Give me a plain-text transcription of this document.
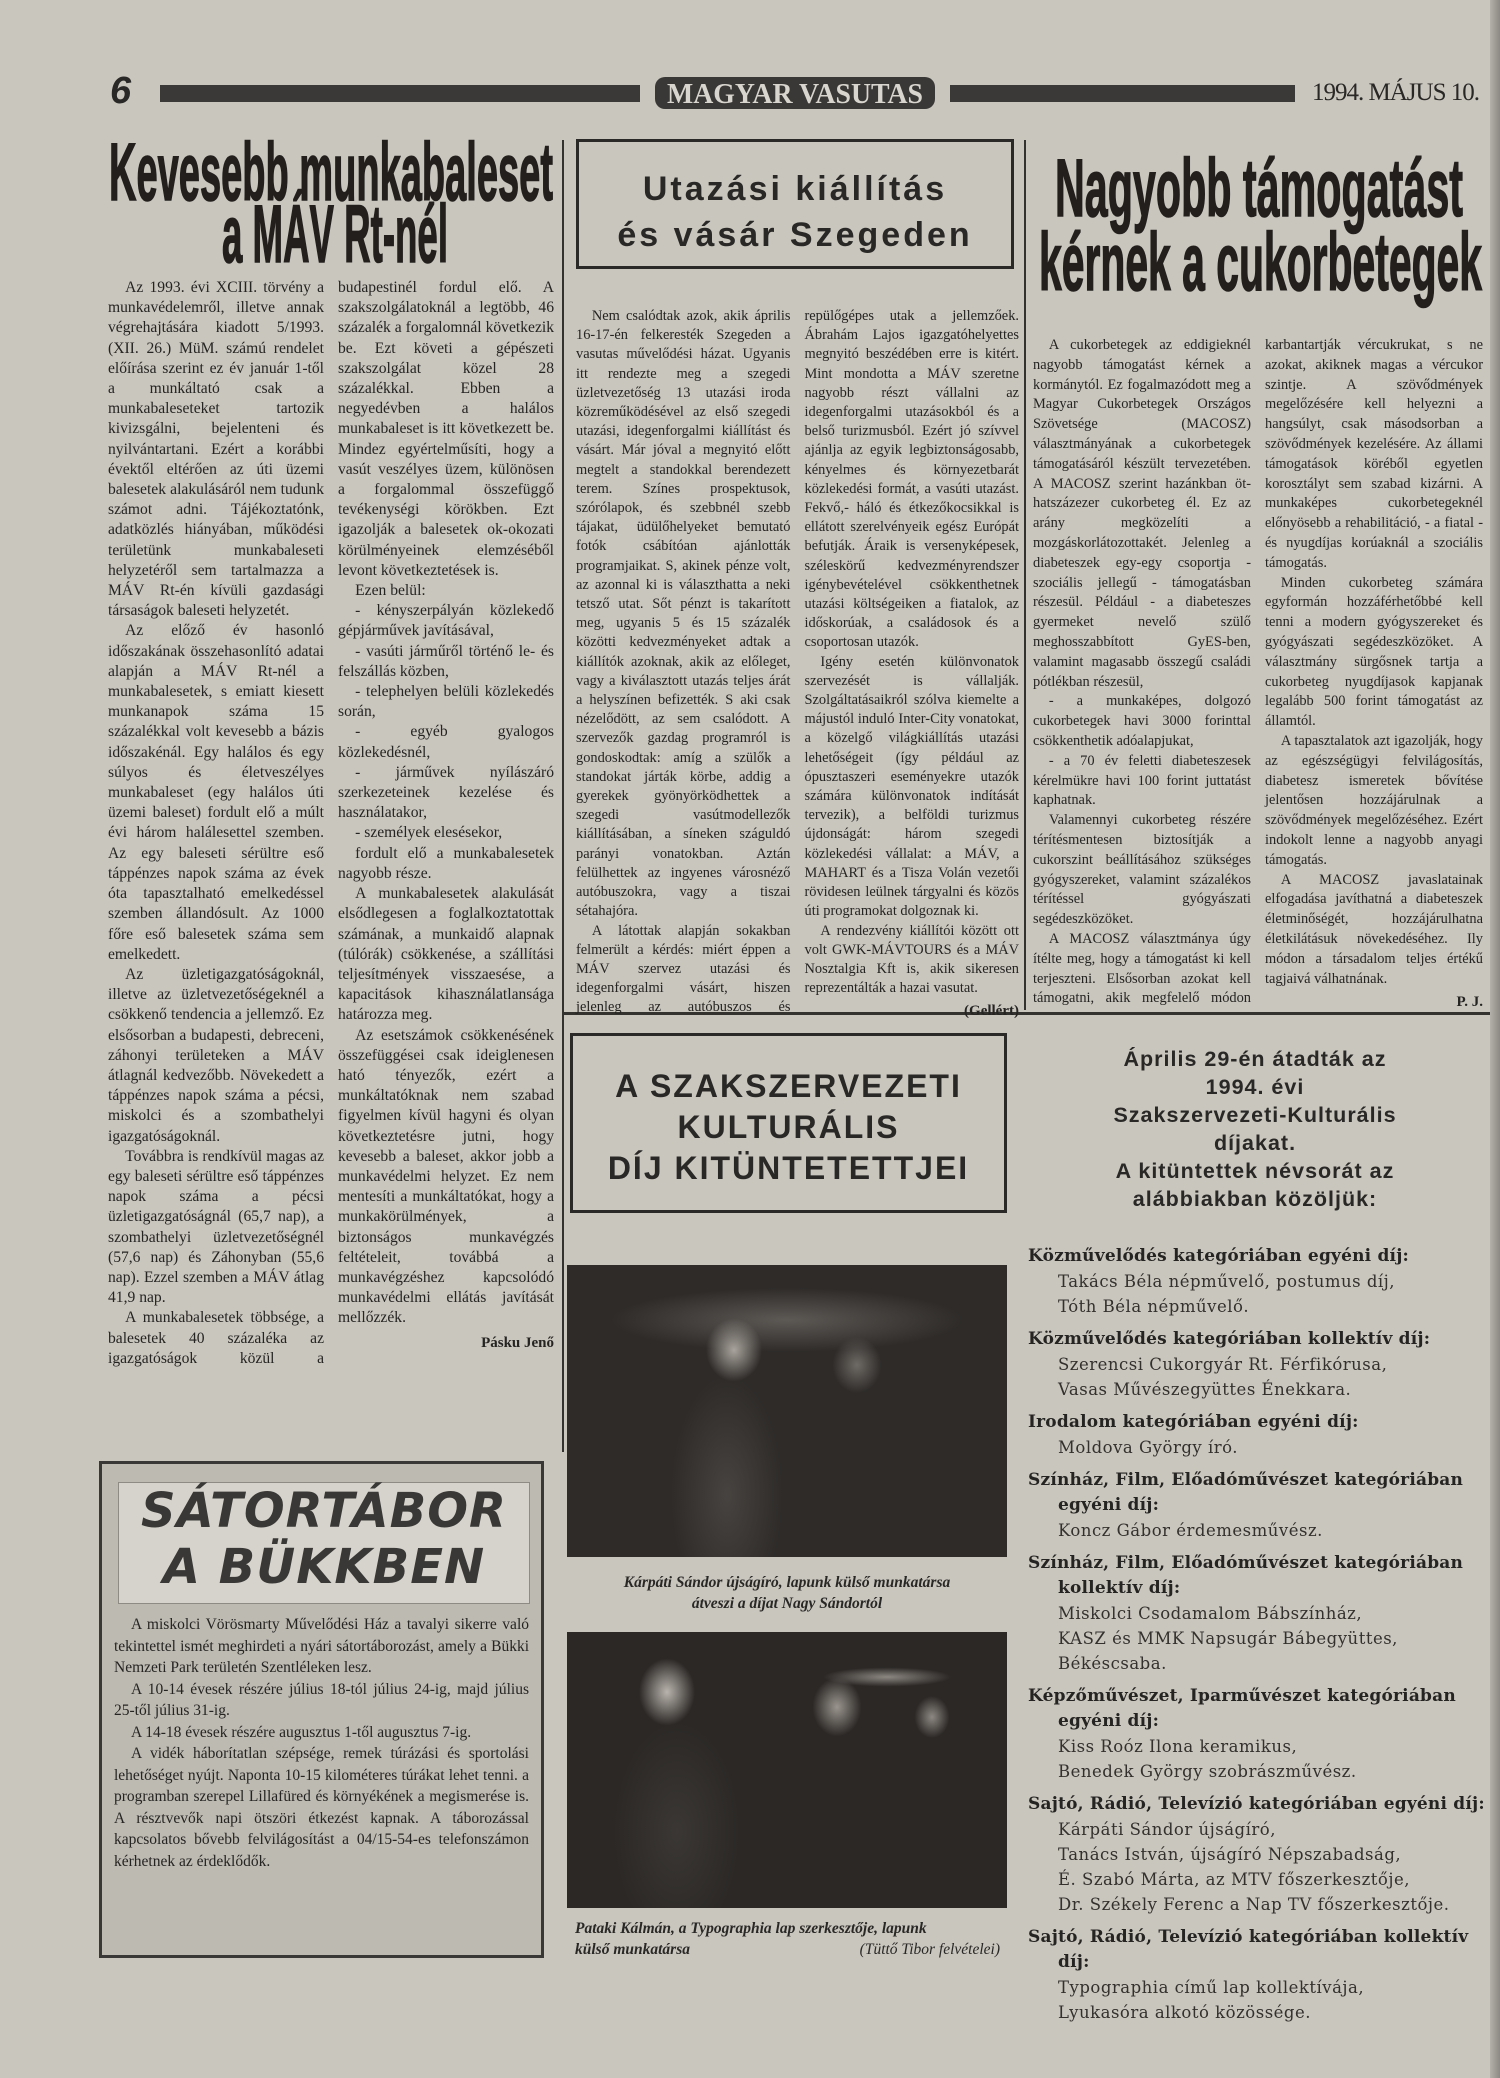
6	MAGYAR VASUTAS	1994. MÁJUS 10.
Kevesebb munkabaleset
a MÁV Rt-nél

Az 1993. évi XCIII. törvény a munkavédelemről, illetve annak végrehajtására kiadott 5/1993. (XII. 26.) MüM. számú rendelet előírása szerint ez év január 1-től a munkáltató csak a munkabaleseteket tartozik kivizsgálni, bejelenteni és nyilvántartani. Ezért a korábbi évektől eltérően az úti üzemi balesetek alakulásáról nem tudunk számot adni. Tájékoztatónk, adatközlés hiányában, működési területünk munkabaleseti helyzetéről sem tartalmazza a MÁV Rt-én kívüli gazdasági társaságok baleseti helyzetét.

Az előző év hasonló időszakának összehasonlító adatai alapján a MÁV Rt-nél a munkabalesetek, s emiatt kiesett munkanapok száma 15 százalékkal volt kevesebb a bázis időszakénál. Egy halálos és egy súlyos és életveszélyes munkabaleset (egy halálos úti üzemi baleset) fordult elő a múlt évi három halálesettel szemben. Az egy baleseti sérültre eső táppénzes napok száma az évek óta tapasztalható emelkedéssel szemben állandósult. Az 1000 főre eső balesetek száma sem emelkedett.

Az üzletigazgatóságoknál, illetve az üzletvezetőségeknél a csökkenő tendencia a jellemző. Ez elsősorban a budapesti, debreceni, záhonyi területeken a MÁV átlagnál kedvezőbb. Növekedett a táppénzes napok száma a pécsi, miskolci és a szombathelyi igazgatóságoknál.

Továbbra is rendkívül magas az egy baleseti sérültre eső táppénzes napok száma a pécsi üzletigazgatóságnál (65,7 nap), a szombathelyi üzletvezetőségnél (57,6 nap) és Záhonyban (55,6 nap). Ezzel szemben a MÁV átlag 41,9 nap.

A munkabalesetek többsége, a balesetek 40 százaléka az igazgatóságok közül a budapestinél fordul elő. A szakszolgálatoknál a legtöbb, 46 százalék a forgalomnál következik be. Ezt követi a gépészeti szakszolgálat közel 28 százalékkal. Ebben a negyedévben a halálos munkabaleset is itt következett be. Mindez egyértelműsíti, hogy a vasút veszélyes üzem, különösen a forgalommal összefüggő tevékenységi körökben. Ezt igazolják a balesetek ok-okozati körülményeinek elemzéséből levont következtetések is.

Ezen belül:

- kényszerpályán közlekedő gépjárművek javításával,

- vasúti járműről történő le- és felszállás közben,

- telephelyen belüli közlekedés során,

- egyéb gyalogos közlekedésnél,

- járművek nyílászáró szerkezeteinek kezelése és használatakor,

- személyek elesésekor,

fordult elő a munkabalesetek nagyobb része.

A munkabalesetek alakulását elsődlegesen a foglalkoztatottak számának, a munkaidő alapnak (túlórák) csökkenése, a szállítási teljesítmények visszaesése, a kapacitások kihasználatlansága határozza meg.

Az esetszámok csökkenésének összefüggései csak ideiglenesen ható tényezők, ezért a munkáltatóknak nem szabad figyelmen kívül hagyni és olyan következtetésre jutni, hogy kevesebb a baleset, akkor jobb a munkavédelmi helyzet. Ez nem mentesíti a munkáltatókat, hogy a munkakörülmények, a biztonságos munkavégzés feltételeit, továbbá a munkavégzéshez kapcsolódó munkavédelmi ellátás javítását mellőzzék.

Pásku Jenő

Utazási kiállítás
és vásár Szegeden

Nem csalódtak azok, akik április 16-17-én felkeresték Szegeden a vasutas művelődési házat. Ugyanis itt rendezte meg a szegedi üzletvezetőség 13 utazási iroda közreműködésével az első szegedi utazási, idegenforgalmi kiállítást és vásárt. Már jóval a megnyitó előtt megtelt a standokkal berendezett terem. Színes prospektusok, szórólapok, és szebbnél szebb tájakat, üdülőhelyeket bemutató fotók csábítóan ajánlották programjaikat. S, akinek pénze volt, az azonnal ki is választhatta a neki tetsző utat. Sőt pénzt is takarított meg, ugyanis 5 és 15 százalék közötti kedvezményeket adtak a kiállítók azoknak, akik az előleget, vagy a kiválasztott utazás teljes árát a helyszínen befizették. S aki csak nézelődött, az sem csalódott. A szervezők gazdag programról is gondoskodtak: amíg a szülők a standokat járták körbe, addig a gyerekek gyönyörködhettek a szegedi vasútmodellezők kiállításában, a síneken száguldó parányi vonatokban. Aztán felülhettek az ingyenes városnéző autóbuszokra, vagy a tiszai sétahajóra.

A látottak alapján sokakban felmerült a kérdés: miért éppen a MÁV szervez utazási és idegenforgalmi vásárt, hiszen jelenleg az autóbuszos és repülőgépes utak a jellemzőek. Ábrahám Lajos igazgatóhelyettes megnyitó beszédében erre is kitért. Mint mondotta a MÁV szeretne nagyobb részt vállalni az idegenforgalmi utazásokból és a belső turizmusból. Ezért jó szívvel ajánlja az egyik legbiztonságosabb, kényelmes és környezetbarát közlekedési formát, a vasúti utazást. Fekvő,- háló és étkezőkocsikkal is ellátott szerelvényeik egész Európát befutják. Áraik is versenyképesek, széleskörű kedvezményrendszer igénybevételével csökkenthetnek utazási költségeiken a fiatalok, az időskorúak, a családosok és a csoportosan utazók.

Igény esetén különvonatok szervezését is vállalják. Szolgáltatásaikról szólva kiemelte a májustól induló Inter-City vonatokat, a közelgő világkiállítás utazási lehetőségeit (így például az ópusztaszeri eseményekre utazók számára különvonatok indítását tervezik), a belföldi turizmus újdonságát: három szegedi közlekedési vállalat: a MÁV, a MAHART és a Tisza Volán vezetői rövidesen leülnek tárgyalni és közös úti programokat dolgoznak ki.

A rendezvény kiállítói között ott volt GWK-MÁVTOURS és a MÁV Nosztalgia Kft is, akik sikeresen reprezentálták a hazai vasutat.

(Gellért)

Nagyobb támogatást
kérnek a cukorbetegek

A cukorbetegek az eddigieknél nagyobb támogatást kérnek a kormánytól. Ez fogalmazódott meg a Magyar Cukorbetegek Országos Szövetsége (MACOSZ) választmányának a cukorbetegek támogatásáról készült tervezetében. A MACOSZ szerint hazánkban öt-hatszázezer cukorbeteg él. Ez az arány megközelíti a mozgáskorlátozottakét. Jelenleg a diabeteszek egy-egy csoportja - szociális jellegű - támogatásban részesül. Például - a diabeteszes gyermeket nevelő szülő meghosszabbított GyES-ben, valamint magasabb összegű családi pótlékban részesül,

- a munkaképes, dolgozó cukorbetegek havi 3000 forinttal csökkenthetik adóalapjukat,

- a 70 év feletti diabeteszesek kérelmükre havi 100 forint juttatást kaphatnak.

Valamennyi cukorbeteg részére térítésmentesen biztosítják a cukorszint beállításához szükséges gyógyszereket, valamint százalékos térítéssel gyógyászati segédeszközöket.

A MACOSZ választmánya úgy ítélte meg, hogy a támogatást ki kell terjeszteni. Elsősorban azokat kell támogatni, akik megfelelő módon karbantartják vércukrukat, s ne azokat, akiknek magas a vércukor szintje. A szövődmények megelőzésére kell helyezni a hangsúlyt, csak másodsorban a szövődmények kezelésére. Az állami támogatások köréből egyetlen korosztályt sem szabad kizárni. A munkaképes cukorbetegeknél előnyösebb a rehabilitáció, - a fiatal - és nyugdíjas korúaknál a szociális támogatás.

Minden cukorbeteg számára egyformán hozzáférhetőbbé kell tenni a modern gyógyszereket és gyógyászati segédeszközöket. A választmány sürgősnek tartja a cukorbeteg nyugdíjasok kapjanak legalább 500 forint támogatást az államtól.

A tapasztalatok azt igazolják, hogy az egészségügyi felvilágosítás, diabetesz ismeretek bővítése jelentősen hozzájárulnak a szövődmények megelőzéséhez. Ezért indokolt lenne a nagyobb anyagi támogatás.

A MACOSZ javaslatainak elfogadása javíthatná a diabeteszek életminőségét, hozzájárulhatna életkilátásuk növekedéséhez. Ily módon a társadalom teljes értékű tagjaivá válhatnának.

P. J.

SÁTORTÁBOR
A BÜKKBEN

A miskolci Vörösmarty Művelődési Ház a tavalyi sikerre való tekintettel ismét meghirdeti a nyári sátortáborozást, amely a Bükki Nemzeti Park területén Szentléleken lesz.

A 10-14 évesek részére július 18-tól július 24-ig, majd július 25-től július 31-ig.

A 14-18 évesek részére augusztus 1-től augusztus 7-ig.

A vidék háborítatlan szépsége, remek túrázási és sportolási lehetőséget nyújt. Naponta 10-15 kilométeres túrákat lehet tenni. a programban szerepel Lillafüred és környékének a megismerése is. A résztvevők napi ötszöri étkezést kapnak. A táborozással kapcsolatos bővebb felvilágosítást a 04/15-54-es telefonszámon kérhetnek az érdeklődők.

A SZAKSZERVEZETI
KULTURÁLIS
DÍJ KITÜNTETETTJEI
Kárpáti Sándor újságíró, lapunk külső munkatársa
átveszi a díjat Nagy Sándortól
Pataki Kálmán, a Typographia lap szerkesztője, lapunk
külső munkatársa	(Tüttő Tibor felvételei)
Április 29-én átadták az
1994. évi
Szakszervezeti-Kulturális
díjakat.
A kitüntettek névsorát az
alábbiakban közöljük:
Közművelődés kategóriában egyéni díj:
Takács Béla népművelő, postumus díj,
Tóth Béla népművelő.
Közművelődés kategóriában kollektív díj:
Szerencsi Cukorgyár Rt. Férfikórusa,
Vasas Művészegyüttes Énekkara.
Irodalom kategóriában egyéni díj:
Moldova György író.
Színház, Film, Előadóművészet kategóriában egyéni díj:
Koncz Gábor érdemesművész.
Színház, Film, Előadóművészet kategóriában kollektív díj:
Miskolci Csodamalom Bábszínház,
KASZ és MMK Napsugár Bábegyüttes,
Békéscsaba.
Képzőművészet, Iparművészet kategóriában egyéni díj:
Kiss Roóz Ilona keramikus,
Benedek György szobrászművész.
Sajtó, Rádió, Televízió kategóriában egyéni díj:
Kárpáti Sándor újságíró,
Tanács István, újságíró Népszabadság,
É. Szabó Márta, az MTV főszerkesztője,
Dr. Székely Ferenc a Nap TV főszerkesztője.
Sajtó, Rádió, Televízió kategóriában kollektív díj:
Typographia című lap kollektívája,
Lyukasóra alkotó közössége.
